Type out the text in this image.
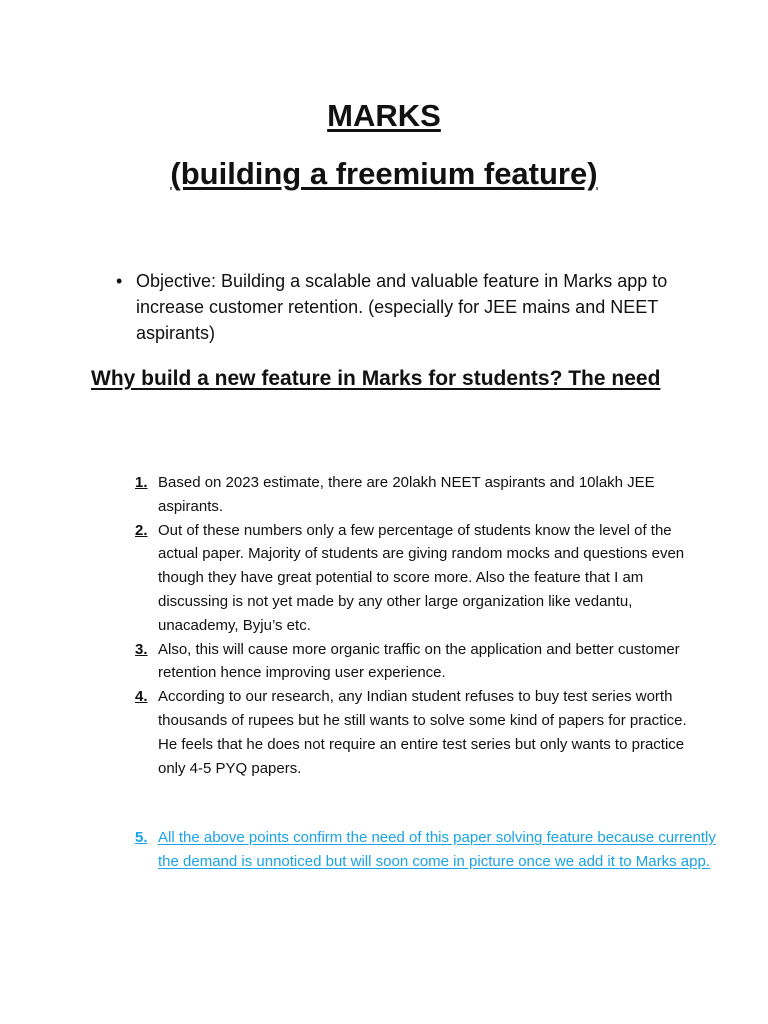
MARKS
(building a freemium feature)
• Objective: Building a scalable and valuable feature in Marks app to increase customer retention. (especially for JEE mains and NEET aspirants)
Why build a new feature in Marks for students? The need
1. Based on 2023 estimate, there are 20lakh NEET aspirants and 10lakh JEE aspirants.
2. Out of these numbers only a few percentage of students know the level of the actual paper. Majority of students are giving random mocks and questions even though they have great potential to score more. Also the feature that I am discussing is not yet made by any other large organization like vedantu, unacademy, Byju’s etc.
3. Also, this will cause more organic traffic on the application and better customer retention hence improving user experience.
4. According to our research, any Indian student refuses to buy test series worth thousands of rupees but he still wants to solve some kind of papers for practice. He feels that he does not require an entire test series but only wants to practice only 4-5 PYQ papers.
5. All the above points confirm the need of this paper solving feature because currently the demand is unnoticed but will soon come in picture once we add it to Marks app.
